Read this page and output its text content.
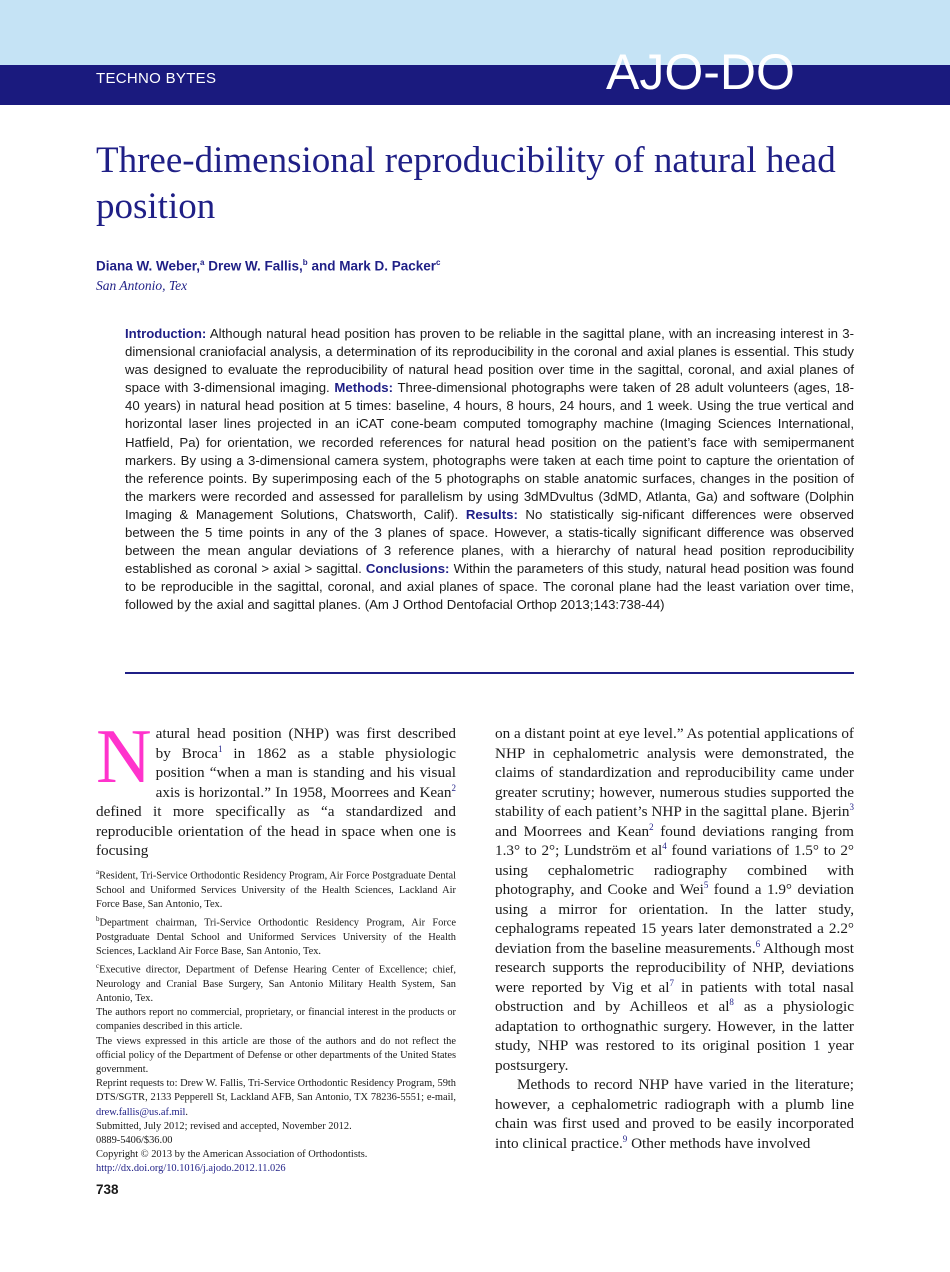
TECHNO BYTES	AJO-DO
Three-dimensional reproducibility of natural head position
Diana W. Weber,$^a$ Drew W. Fallis,$^b$ and Mark D. Packer$^c$
San Antonio, Tex
Introduction: Although natural head position has proven to be reliable in the sagittal plane, with an increasing interest in 3-dimensional craniofacial analysis, a determination of its reproducibility in the coronal and axial planes is essential. This study was designed to evaluate the reproducibility of natural head position over time in the sagittal, coronal, and axial planes of space with 3-dimensional imaging. Methods: Three-dimensional photographs were taken of 28 adult volunteers (ages, 18-40 years) in natural head position at 5 times: baseline, 4 hours, 8 hours, 24 hours, and 1 week. Using the true vertical and horizontal laser lines projected in an iCAT cone-beam computed tomography machine (Imaging Sciences International, Hatfield, Pa) for orientation, we recorded references for natural head position on the patient’s face with semipermanent markers. By using a 3-dimensional camera system, photographs were taken at each time point to capture the orientation of the reference points. By superimposing each of the 5 photographs on stable anatomic surfaces, changes in the position of the markers were recorded and assessed for parallelism by using 3dMDvultus (3dMD, Atlanta, Ga) and software (Dolphin Imaging & Management Solutions, Chatsworth, Calif). Results: No statistically sig-nificant differences were observed between the 5 time points in any of the 3 planes of space. However, a statis-tically significant difference was observed between the mean angular deviations of 3 reference planes, with a hierarchy of natural head position reproducibility established as coronal > axial > sagittal. Conclusions: Within the parameters of this study, natural head position was found to be reproducible in the sagittal, coronal, and axial planes of space. The coronal plane had the least variation over time, followed by the axial and sagittal planes. (Am J Orthod Dentofacial Orthop 2013;143:738-44)

Natural head position (NHP) was first described by Broca$^1$ in 1862 as a stable physiologic position “when a man is standing and his visual axis is horizontal.” In 1958, Moorrees and Kean$^2$ defined it more specifically as “a standardized and reproducible orientation of the head in space when one is focusing

on a distant point at eye level.” As potential applications of NHP in cephalometric analysis were demonstrated, the claims of standardization and reproducibility came under greater scrutiny; however, numerous studies supported the stability of each patient’s NHP in the sagittal plane. Bjerin$^3$ and Moorrees and Kean$^2$ found deviations ranging from 1.3° to 2°; Lundström et $al^4$ found variations of 1.5° to 2° using cephalometric radiography combined with photography, and Cooke and Wei$^5$ found a 1.9° deviation using a mirror for orientation. In the latter study, cephalograms repeated 15 years later demonstrated a 2.2° deviation from the baseline measurements.$^6$ Although most research supports the reproducibility of NHP, deviations were reported by Vig et $al^7$ in patients with total nasal obstruction and by Achilleos et $al^8$ as a physiologic adaptation to orthognathic surgery. However, in the latter study, NHP was restored to its original position 1 year postsurgery.

Methods to record NHP have varied in the literature; however, a cephalometric radiograph with a plumb line chain was first used and proved to be easily incorporated into clinical practice.$^9$ Other methods have involved

$^a$Resident, Tri-Service Orthodontic Residency Program, Air Force Postgraduate Dental School and Uniformed Services University of the Health Sciences, Lackland Air Force Base, San Antonio, Tex.

$^b$Department chairman, Tri-Service Orthodontic Residency Program, Air Force Postgraduate Dental School and Uniformed Services University of the Health Sciences, Lackland Air Force Base, San Antonio, Tex.

$^c$Executive director, Department of Defense Hearing Center of Excellence; chief, Neurology and Cranial Base Surgery, San Antonio Military Health System, San Antonio, Tex.

The authors report no commercial, proprietary, or financial interest in the products or companies described in this article.

The views expressed in this article are those of the authors and do not reflect the official policy of the Department of Defense or other departments of the United States government.

Reprint requests to: Drew W. Fallis, Tri-Service Orthodontic Residency Program, 59th DTS/SGTR, 2133 Pepperell St, Lackland AFB, San Antonio, TX 78236-5551; e-mail, drew.fallis@us.af.mil.

Submitted, July 2012; revised and accepted, November 2012.

0889-5406/$36.00

Copyright © 2013 by the American Association of Orthodontists.

http://dx.doi.org/10.1016/j.ajodo.2012.11.026

738
